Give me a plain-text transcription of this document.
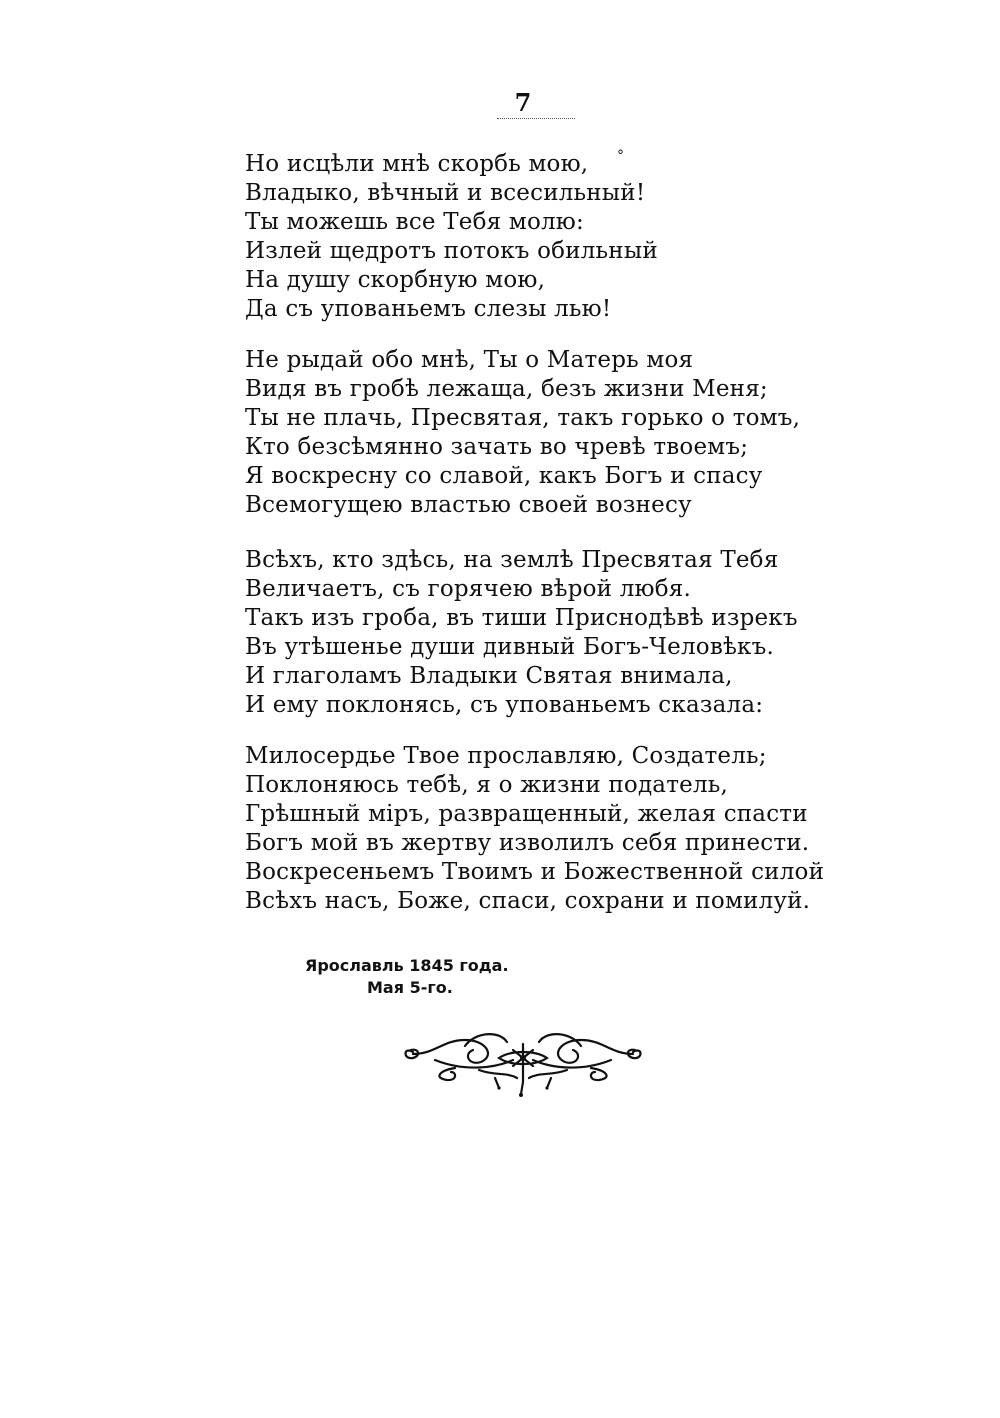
7
°
Но исцѣли мнѣ скорбь мою,
Владыко, вѣчный и всесильный!
Ты можешь все Тебя молю:
Излей щедротъ потокъ обильный
На душу скорбную мою,
Да съ упованьемъ слезы лью!
Не рыдай обо мнѣ, Ты о Матерь моя
Видя въ гробѣ лежаща, безъ жизни Меня;
Ты не плачь, Пресвятая, такъ горько о томъ,
Кто безсѣмянно зачать во чревѣ твоемъ;
Я воскресну со славой, какъ Богъ и спасу
Всемогущею властью своей вознесу
Всѣхъ, кто здѣсь, на землѣ Пресвятая Тебя
Величаетъ, съ горячею вѣрой любя.
Такъ изъ гроба, въ тиши Приснодѣвѣ изрекъ
Въ утѣшенье души дивный Богъ-Человѣкъ.
И глаголамъ Владыки Святая внимала,
И ему поклонясь, съ упованьемъ сказала:
Милосердье Твое прославляю, Создатель;
Поклоняюсь тебѣ, я о жизни податель,
Грѣшный міръ, развращенный, желая спасти
Богъ мой въ жертву изволилъ себя принести.
Воскресеньемъ Твоимъ и Божественной силой
Всѣхъ насъ, Боже, спаси, сохрани и помилуй.
Ярославль 1845 года.
Мая 5-го.
